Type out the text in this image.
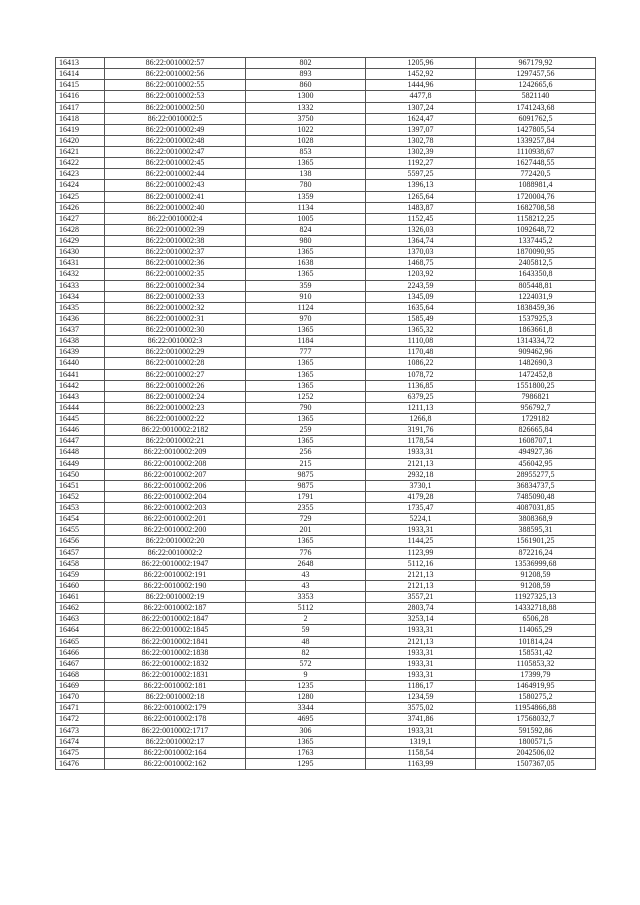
16413	86:22:0010002:57	802	1205,96	967179,92
16414	86:22:0010002:56	893	1452,92	1297457,56
16415	86:22:0010002:55	860	1444,96	1242665,6
16416	86:22:0010002:53	1300	4477,8	5821140
16417	86:22:0010002:50	1332	1307,24	1741243,68
16418	86:22:0010002:5	3750	1624,47	6091762,5
16419	86:22:0010002:49	1022	1397,07	1427805,54
16420	86:22:0010002:48	1028	1302,78	1339257,84
16421	86:22:0010002:47	853	1302,39	1110938,67
16422	86:22:0010002:45	1365	1192,27	1627448,55
16423	86:22:0010002:44	138	5597,25	772420,5
16424	86:22:0010002:43	780	1396,13	1088981,4
16425	86:22:0010002:41	1359	1265,64	1720004,76
16426	86:22:0010002:40	1134	1483,87	1682708,58
16427	86:22:0010002:4	1005	1152,45	1158212,25
16428	86:22:0010002:39	824	1326,03	1092648,72
16429	86:22:0010002:38	980	1364,74	1337445,2
16430	86:22:0010002:37	1365	1370,03	1870090,95
16431	86:22:0010002:36	1638	1468,75	2405812,5
16432	86:22:0010002:35	1365	1203,92	1643350,8
16433	86:22:0010002:34	359	2243,59	805448,81
16434	86:22:0010002:33	910	1345,09	1224031,9
16435	86:22:0010002:32	1124	1635,64	1838459,36
16436	86:22:0010002:31	970	1585,49	1537925,3
16437	86:22:0010002:30	1365	1365,32	1863661,8
16438	86:22:0010002:3	1184	1110,08	1314334,72
16439	86:22:0010002:29	777	1170,48	909462,96
16440	86:22:0010002:28	1365	1086,22	1482690,3
16441	86:22:0010002:27	1365	1078,72	1472452,8
16442	86:22:0010002:26	1365	1136,85	1551800,25
16443	86:22:0010002:24	1252	6379,25	7986821
16444	86:22:0010002:23	790	1211,13	956792,7
16445	86:22:0010002:22	1365	1266,8	1729182
16446	86:22:0010002:2182	259	3191,76	826665,84
16447	86:22:0010002:21	1365	1178,54	1608707,1
16448	86:22:0010002:209	256	1933,31	494927,36
16449	86:22:0010002:208	215	2121,13	456042,95
16450	86:22:0010002:207	9875	2932,18	28955277,5
16451	86:22:0010002:206	9875	3730,1	36834737,5
16452	86:22:0010002:204	1791	4179,28	7485090,48
16453	86:22:0010002:203	2355	1735,47	4087031,85
16454	86:22:0010002:201	729	5224,1	3808368,9
16455	86:22:0010002:200	201	1933,31	388595,31
16456	86:22:0010002:20	1365	1144,25	1561901,25
16457	86:22:0010002:2	776	1123,99	872216,24
16458	86:22:0010002:1947	2648	5112,16	13536999,68
16459	86:22:0010002:191	43	2121,13	91208,59
16460	86:22:0010002:190	43	2121,13	91208,59
16461	86:22:0010002:19	3353	3557,21	11927325,13
16462	86:22:0010002:187	5112	2803,74	14332718,88
16463	86:22:0010002:1847	2	3253,14	6506,28
16464	86:22:0010002:1845	59	1933,31	114065,29
16465	86:22:0010002:1841	48	2121,13	101814,24
16466	86:22:0010002:1838	82	1933,31	158531,42
16467	86:22:0010002:1832	572	1933,31	1105853,32
16468	86:22:0010002:1831	9	1933,31	17399,79
16469	86:22:0010002:181	1235	1186,17	1464919,95
16470	86:22:0010002:18	1280	1234,59	1580275,2
16471	86:22:0010002:179	3344	3575,02	11954866,88
16472	86:22:0010002:178	4695	3741,86	17568032,7
16473	86:22:0010002:1717	306	1933,31	591592,86
16474	86:22:0010002:17	1365	1319,1	1800571,5
16475	86:22:0010002:164	1763	1158,54	2042506,02
16476	86:22:0010002:162	1295	1163,99	1507367,05
